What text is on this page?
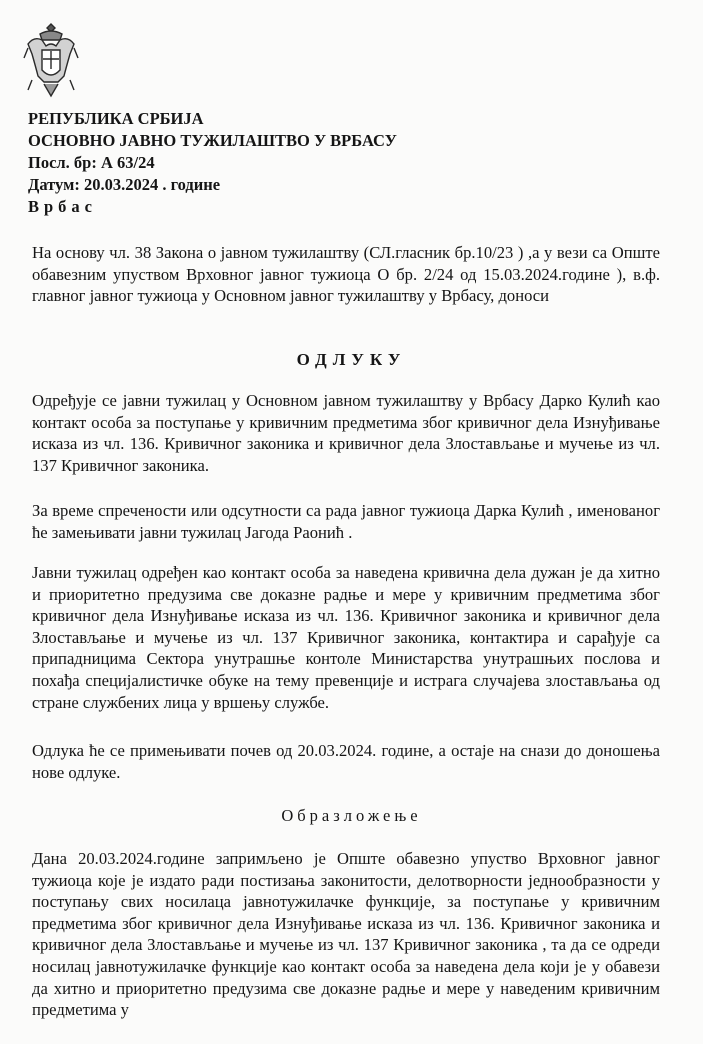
РЕПУБЛИКА СРБИЈА
ОСНОВНО ЈАВНО ТУЖИЛАШТВО У ВРБАСУ
Посл. бр: А 63/24
Датум: 20.03.2024 . године
Врбас
На основу чл. 38 Закона о јавном тужилаштву (СЛ.гласник бр.10/23 ) ,а у вези са Опште обавезним упуством Врховног јавног тужиоца О бр. 2/24 од 15.03.2024.године ), в.ф. главног јавног тужиоца у Основном јавног тужилаштву у Врбасу, доноси
ОДЛУКУ
Одређује се јавни тужилац у Основном јавном тужилаштву у Врбасу Дарко Кулић као контакт особа за поступање у кривичним предметима због кривичног дела Изнуђивање исказа из чл. 136. Кривичног законика и кривичног дела Злостављање и мучење из чл. 137 Кривичног законика.
За време спречености или одсутности са рада јавног тужиоца Дарка Кулић , именованог ће замењивати јавни тужилац Јагода Раонић .
Јавни тужилац одређен као контакт особа за наведена кривична дела дужан је да хитно и приоритетно предузима све доказне радње и мере у кривичним предметима због кривичног дела Изнуђивање исказа из чл. 136. Кривичног законика и кривичног дела Злостављање и мучење из чл. 137 Кривичног законика, контактира и сарађује са припадницима Сектора унутрашње контоле Министарства унутрашњих послова и похађа специјалистичке обуке на тему превенције и истрага случајева злостављања од стране службених лица у вршењу службе.
Одлука ће се примењивати почев од 20.03.2024. године, а остаје на снази до доношења нове одлуке.
Образложење
Дана 20.03.2024.године запримљено је Опште обавезно упуство Врховног јавног тужиоца које је издато ради постизања законитости, делотворности једнообразности у поступању свих носилаца јавнотужилачке функције, за поступање у кривичним предметима због кривичног дела Изнуђивање исказа из чл. 136. Кривичног законика и кривичног дела Злостављање и мучење из чл. 137 Кривичног законика , та да се одреди носилац јавнотужилачке функције као контакт особа за наведена дела који је у обавези да хитно и приоритетно предузима све доказне радње и мере у наведеним кривичним предметима у
